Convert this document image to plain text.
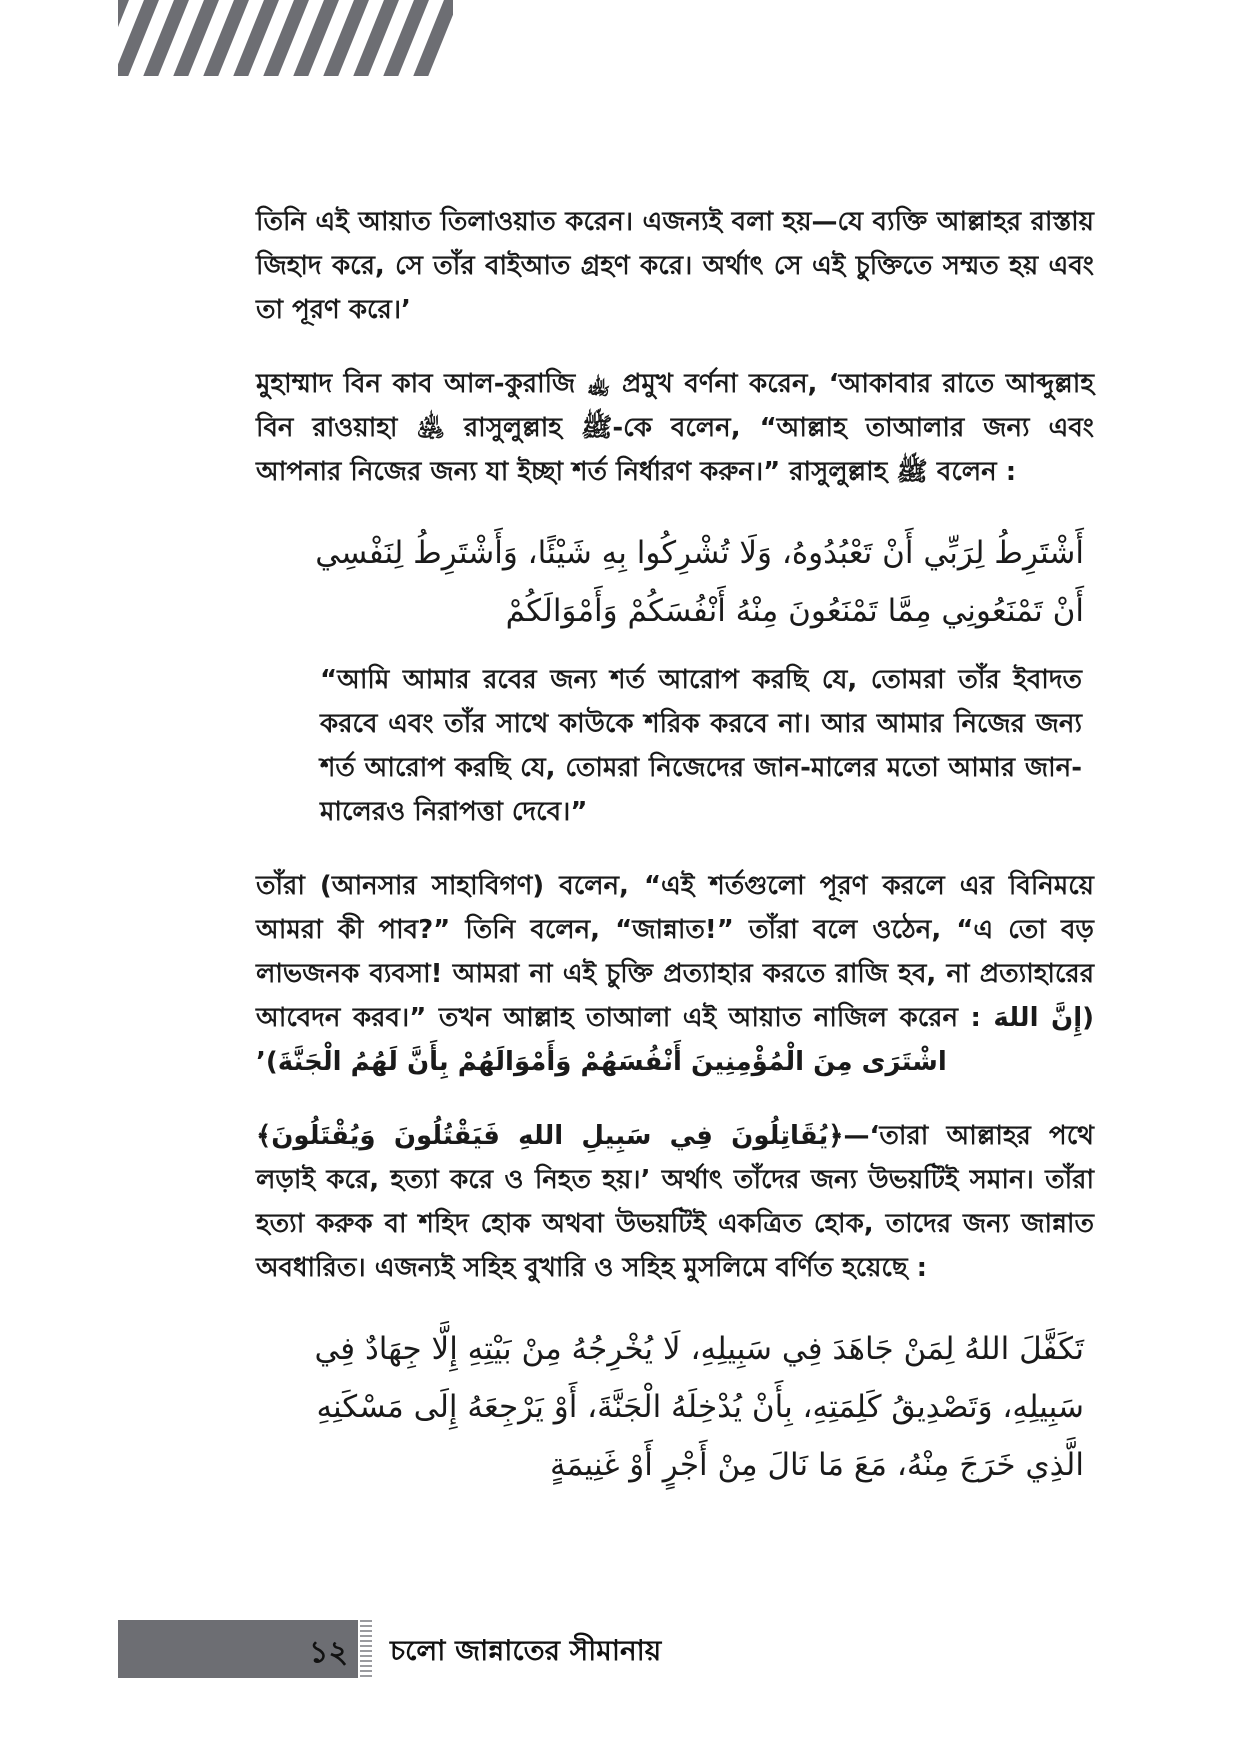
তিনি এই আয়াত তিলাওয়াত করেন। এজন্যই বলা হয়—যে ব্যক্তি আল্লাহর রাস্তায় জিহাদ করে, সে তাঁর বাইআত গ্রহণ করে। অর্থাৎ সে এই চুক্তিতে সম্মত হয় এবং তা পূরণ করে।’

মুহাম্মাদ বিন কাব আল-কুরাজি ﵀ প্রমুখ বর্ণনা করেন, ‘আকাবার রাতে আব্দুল্লাহ বিন রাওয়াহা ﵁ রাসুলুল্লাহ ﷺ-কে বলেন, “আল্লাহ তাআলার জন্য এবং আপনার নিজের জন্য যা ইচ্ছা শর্ত নির্ধারণ করুন।” রাসুলুল্লাহ ﷺ বলেন :

أَشْتَرِطُ لِرَبِّي أَنْ تَعْبُدُوهُ، وَلَا تُشْرِكُوا بِهِ شَيْئًا، وَأَشْتَرِطُ لِنَفْسِي أَنْ تَمْنَعُونِي مِمَّا تَمْنَعُونَ مِنْهُ أَنْفُسَكُمْ وَأَمْوَالَكُمْ

“আমি আমার রবের জন্য শর্ত আরোপ করছি যে, তোমরা তাঁর ইবাদত করবে এবং তাঁর সাথে কাউকে শরিক করবে না। আর আমার নিজের জন্য শর্ত আরোপ করছি যে, তোমরা নিজেদের জান-মালের মতো আমার জান-মালেরও নিরাপত্তা দেবে।”

তাঁরা (আনসার সাহাবিগণ) বলেন, “এই শর্তগুলো পূরণ করলে এর বিনিময়ে আমরা কী পাব?” তিনি বলেন, “জান্নাত!” তাঁরা বলে ওঠেন, “এ তো বড় লাভজনক ব্যবসা! আমরা না এই চুক্তি প্রত্যাহার করতে রাজি হব, না প্রত্যাহারের আবেদন করব।” তখন আল্লাহ তাআলা এই আয়াত নাজিল করেন : (إِنَّ اللهَ اشْتَرَى مِنَ الْمُؤْمِنِينَ أَنْفُسَهُمْ وَأَمْوَالَهُمْ بِأَنَّ لَهُمُ الْجَنَّةَ)’

﴿يُقَاتِلُونَ فِي سَبِيلِ اللهِ فَيَقْتُلُونَ وَيُقْتَلُونَ﴾—‘তারা আল্লাহর পথে লড়াই করে, হত্যা করে ও নিহত হয়।’ অর্থাৎ তাঁদের জন্য উভয়টিই সমান। তাঁরা হত্যা করুক বা শহিদ হোক অথবা উভয়টিই একত্রিত হোক, তাদের জন্য জান্নাত অবধারিত। এজন্যই সহিহ বুখারি ও সহিহ মুসলিমে বর্ণিত হয়েছে :

تَكَفَّلَ اللهُ لِمَنْ جَاهَدَ فِي سَبِيلِهِ، لَا يُخْرِجُهُ مِنْ بَيْتِهِ إِلَّا جِهَادٌ فِي سَبِيلِهِ، وَتَصْدِيقُ كَلِمَتِهِ، بِأَنْ يُدْخِلَهُ الْجَنَّةَ، أَوْ يَرْجِعَهُ إِلَى مَسْكَنِهِ الَّذِي خَرَجَ مِنْهُ، مَعَ مَا نَالَ مِنْ أَجْرٍ أَوْ غَنِيمَةٍ

১২ চলো জান্নাতের সীমানায়
